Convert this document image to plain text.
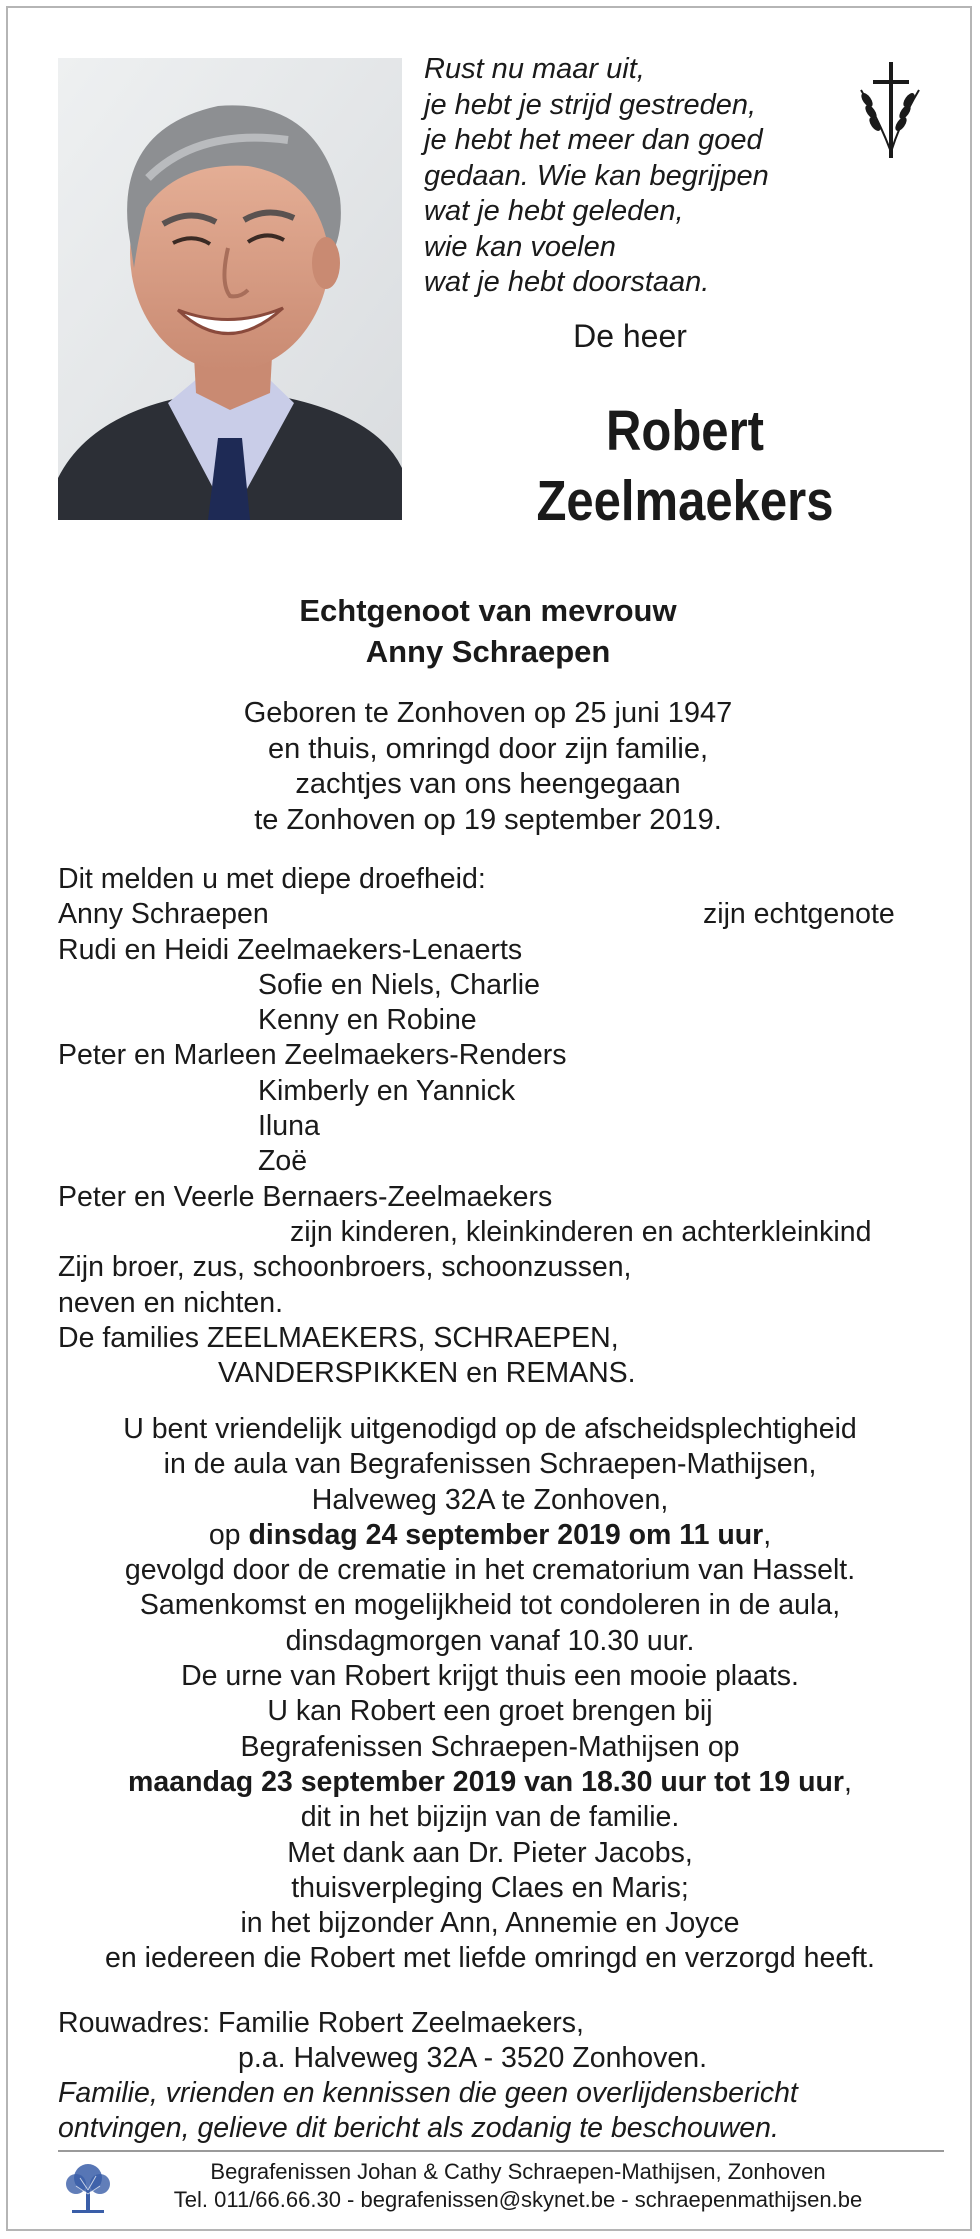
Rust nu maar uit,
je hebt je strijd gestreden,
je hebt het meer dan goed
gedaan. Wie kan begrijpen
wat je hebt geleden,
wie kan voelen
wat je hebt doorstaan.
De heer
Robert
Zeelmaekers
Echtgenoot van mevrouw
Anny Schraepen
Geboren te Zonhoven op 25 juni 1947
en thuis, omringd door zijn familie,
zachtjes van ons heengegaan
te Zonhoven op 19 september 2019.
Dit melden u met diepe droefheid:
Anny Schraepen	zijn echtgenote
Rudi en Heidi Zeelmaekers-Lenaerts
Sofie en Niels, Charlie
Kenny en Robine
Peter en Marleen Zeelmaekers-Renders
Kimberly en Yannick
Iluna
Zoë
Peter en Veerle Bernaers-Zeelmaekers
zijn kinderen, kleinkinderen en achterkleinkind
Zijn broer, zus, schoonbroers, schoonzussen,
neven en nichten.
De families ZEELMAEKERS, SCHRAEPEN,
VANDERSPIKKEN en REMANS.
U bent vriendelijk uitgenodigd op de afscheidsplechtigheid
in de aula van Begrafenissen Schraepen-Mathijsen,
Halveweg 32A te Zonhoven,
op dinsdag 24 september 2019 om 11 uur,
gevolgd door de crematie in het crematorium van Hasselt.
Samenkomst en mogelijkheid tot condoleren in de aula,
dinsdagmorgen vanaf 10.30 uur.
De urne van Robert krijgt thuis een mooie plaats.
U kan Robert een groet brengen bij
Begrafenissen Schraepen-Mathijsen op
maandag 23 september 2019 van 18.30 uur tot 19 uur,
dit in het bijzijn van de familie.
Met dank aan Dr. Pieter Jacobs,
thuisverpleging Claes en Maris;
in het bijzonder Ann, Annemie en Joyce
en iedereen die Robert met liefde omringd en verzorgd heeft.
Rouwadres: Familie Robert Zeelmaekers,
p.a. Halveweg 32A - 3520 Zonhoven.
Familie, vrienden en kennissen die geen overlijdensbericht
ontvingen, gelieve dit bericht als zodanig te beschouwen.
Begrafenissen Johan & Cathy Schraepen-Mathijsen, Zonhoven
Tel. 011/66.66.30 - begrafenissen@skynet.be - schraepenmathijsen.be
